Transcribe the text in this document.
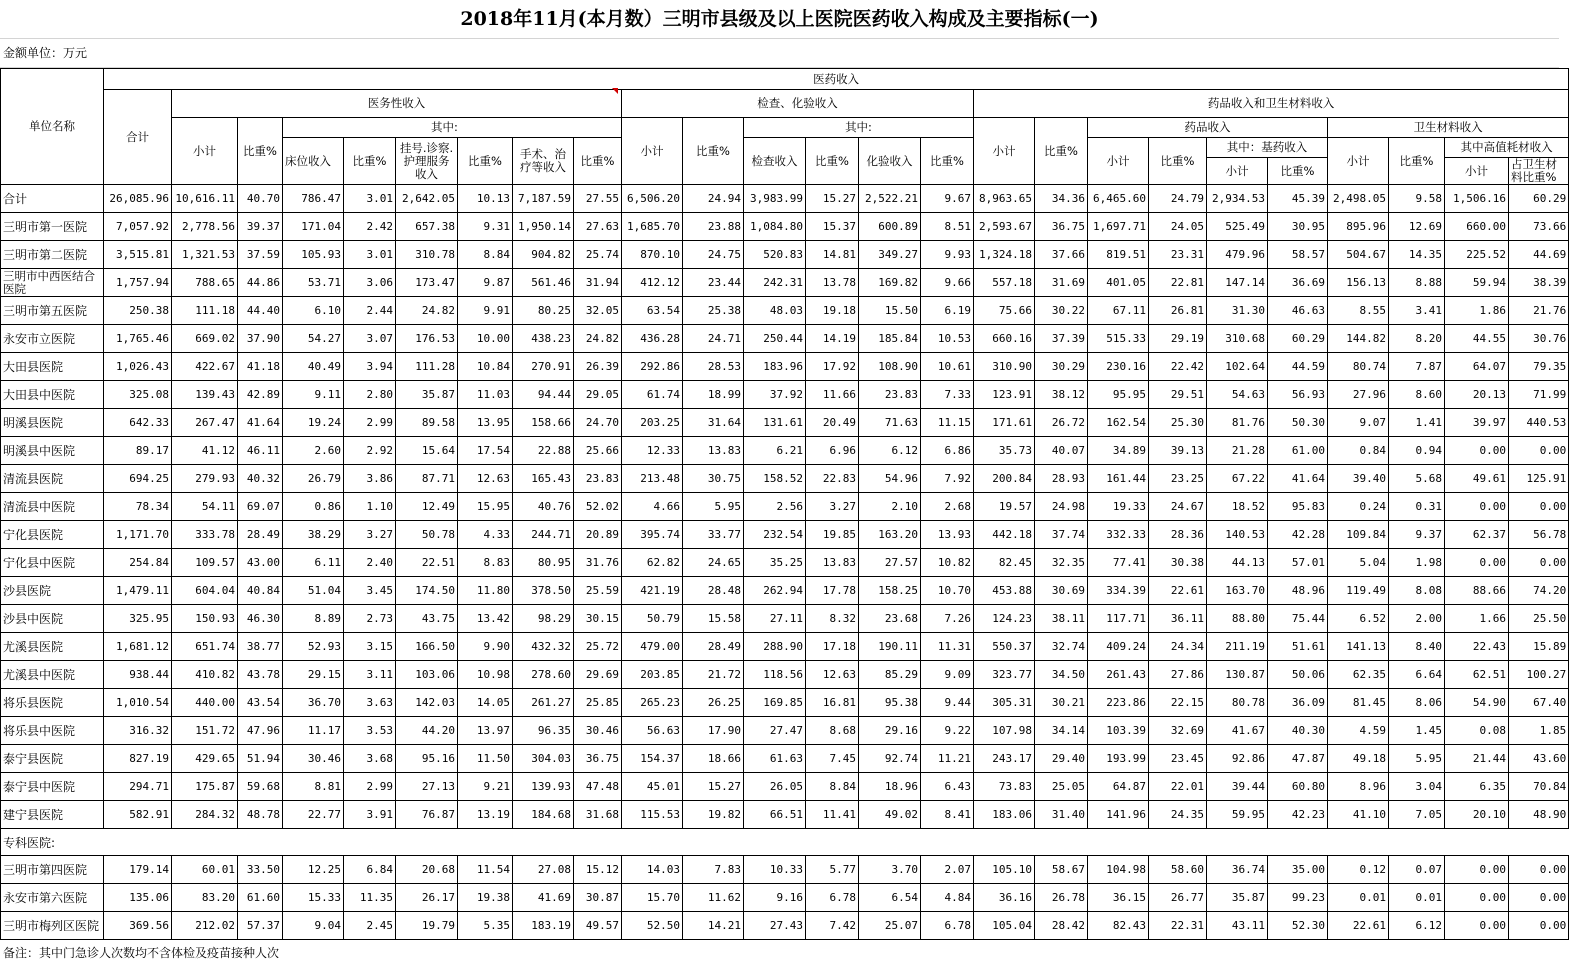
2018年11月(本月数）三明市县级及以上医院医药收入构成及主要指标(一)
金额单位：万元
单位名称	医药收入																								
	合计	医务性收入								检查、化验收入						药品收入和卫生材料收入									
		小计	比重%	其中:						小计	比重%	其中:				小计	比重%	药品收入				卫生材料收入			
				床位收入	比重%	挂号.诊察.护理服务收入	比重%	手术、治疗等收入	比重%			检查收入	比重%	化验收入	比重%			小计	比重%	其中：基药收入		小计	比重%	其中高值耗材收入	
																				小计	比重%			小计	占卫生材料比重%
合计	26,085.96	10,616.11	40.70	786.47	3.01	2,642.05	10.13	7,187.59	27.55	6,506.20	24.94	3,983.99	15.27	2,522.21	9.67	8,963.65	34.36	6,465.60	24.79	2,934.53	45.39	2,498.05	9.58	1,506.16	60.29
三明市第一医院	7,057.92	2,778.56	39.37	171.04	2.42	657.38	9.31	1,950.14	27.63	1,685.70	23.88	1,084.80	15.37	600.89	8.51	2,593.67	36.75	1,697.71	24.05	525.49	30.95	895.96	12.69	660.00	73.66
三明市第二医院	3,515.81	1,321.53	37.59	105.93	3.01	310.78	8.84	904.82	25.74	870.10	24.75	520.83	14.81	349.27	9.93	1,324.18	37.66	819.51	23.31	479.96	58.57	504.67	14.35	225.52	44.69
三明市中西医结合医院	1,757.94	788.65	44.86	53.71	3.06	173.47	9.87	561.46	31.94	412.12	23.44	242.31	13.78	169.82	9.66	557.18	31.69	401.05	22.81	147.14	36.69	156.13	8.88	59.94	38.39
三明市第五医院	250.38	111.18	44.40	6.10	2.44	24.82	9.91	80.25	32.05	63.54	25.38	48.03	19.18	15.50	6.19	75.66	30.22	67.11	26.81	31.30	46.63	8.55	3.41	1.86	21.76
永安市立医院	1,765.46	669.02	37.90	54.27	3.07	176.53	10.00	438.23	24.82	436.28	24.71	250.44	14.19	185.84	10.53	660.16	37.39	515.33	29.19	310.68	60.29	144.82	8.20	44.55	30.76
大田县医院	1,026.43	422.67	41.18	40.49	3.94	111.28	10.84	270.91	26.39	292.86	28.53	183.96	17.92	108.90	10.61	310.90	30.29	230.16	22.42	102.64	44.59	80.74	7.87	64.07	79.35
大田县中医院	325.08	139.43	42.89	9.11	2.80	35.87	11.03	94.44	29.05	61.74	18.99	37.92	11.66	23.83	7.33	123.91	38.12	95.95	29.51	54.63	56.93	27.96	8.60	20.13	71.99
明溪县医院	642.33	267.47	41.64	19.24	2.99	89.58	13.95	158.66	24.70	203.25	31.64	131.61	20.49	71.63	11.15	171.61	26.72	162.54	25.30	81.76	50.30	9.07	1.41	39.97	440.53
明溪县中医院	89.17	41.12	46.11	2.60	2.92	15.64	17.54	22.88	25.66	12.33	13.83	6.21	6.96	6.12	6.86	35.73	40.07	34.89	39.13	21.28	61.00	0.84	0.94	0.00	0.00
清流县医院	694.25	279.93	40.32	26.79	3.86	87.71	12.63	165.43	23.83	213.48	30.75	158.52	22.83	54.96	7.92	200.84	28.93	161.44	23.25	67.22	41.64	39.40	5.68	49.61	125.91
清流县中医院	78.34	54.11	69.07	0.86	1.10	12.49	15.95	40.76	52.02	4.66	5.95	2.56	3.27	2.10	2.68	19.57	24.98	19.33	24.67	18.52	95.83	0.24	0.31	0.00	0.00
宁化县医院	1,171.70	333.78	28.49	38.29	3.27	50.78	4.33	244.71	20.89	395.74	33.77	232.54	19.85	163.20	13.93	442.18	37.74	332.33	28.36	140.53	42.28	109.84	9.37	62.37	56.78
宁化县中医院	254.84	109.57	43.00	6.11	2.40	22.51	8.83	80.95	31.76	62.82	24.65	35.25	13.83	27.57	10.82	82.45	32.35	77.41	30.38	44.13	57.01	5.04	1.98	0.00	0.00
沙县医院	1,479.11	604.04	40.84	51.04	3.45	174.50	11.80	378.50	25.59	421.19	28.48	262.94	17.78	158.25	10.70	453.88	30.69	334.39	22.61	163.70	48.96	119.49	8.08	88.66	74.20
沙县中医院	325.95	150.93	46.30	8.89	2.73	43.75	13.42	98.29	30.15	50.79	15.58	27.11	8.32	23.68	7.26	124.23	38.11	117.71	36.11	88.80	75.44	6.52	2.00	1.66	25.50
尤溪县医院	1,681.12	651.74	38.77	52.93	3.15	166.50	9.90	432.32	25.72	479.00	28.49	288.90	17.18	190.11	11.31	550.37	32.74	409.24	24.34	211.19	51.61	141.13	8.40	22.43	15.89
尤溪县中医院	938.44	410.82	43.78	29.15	3.11	103.06	10.98	278.60	29.69	203.85	21.72	118.56	12.63	85.29	9.09	323.77	34.50	261.43	27.86	130.87	50.06	62.35	6.64	62.51	100.27
将乐县医院	1,010.54	440.00	43.54	36.70	3.63	142.03	14.05	261.27	25.85	265.23	26.25	169.85	16.81	95.38	9.44	305.31	30.21	223.86	22.15	80.78	36.09	81.45	8.06	54.90	67.40
将乐县中医院	316.32	151.72	47.96	11.17	3.53	44.20	13.97	96.35	30.46	56.63	17.90	27.47	8.68	29.16	9.22	107.98	34.14	103.39	32.69	41.67	40.30	4.59	1.45	0.08	1.85
泰宁县医院	827.19	429.65	51.94	30.46	3.68	95.16	11.50	304.03	36.75	154.37	18.66	61.63	7.45	92.74	11.21	243.17	29.40	193.99	23.45	92.86	47.87	49.18	5.95	21.44	43.60
泰宁县中医院	294.71	175.87	59.68	8.81	2.99	27.13	9.21	139.93	47.48	45.01	15.27	26.05	8.84	18.96	6.43	73.83	25.05	64.87	22.01	39.44	60.80	8.96	3.04	6.35	70.84
建宁县医院	582.91	284.32	48.78	22.77	3.91	76.87	13.19	184.68	31.68	115.53	19.82	66.51	11.41	49.02	8.41	183.06	31.40	141.96	24.35	59.95	42.23	41.10	7.05	20.10	48.90
专科医院:																									
三明市第四医院	179.14	60.01	33.50	12.25	6.84	20.68	11.54	27.08	15.12	14.03	7.83	10.33	5.77	3.70	2.07	105.10	58.67	104.98	58.60	36.74	35.00	0.12	0.07	0.00	0.00
永安市第六医院	135.06	83.20	61.60	15.33	11.35	26.17	19.38	41.69	30.87	15.70	11.62	9.16	6.78	6.54	4.84	36.16	26.78	36.15	26.77	35.87	99.23	0.01	0.01	0.00	0.00
三明市梅列区医院	369.56	212.02	57.37	9.04	2.45	19.79	5.35	183.19	49.57	52.50	14.21	27.43	7.42	25.07	6.78	105.04	28.42	82.43	22.31	43.11	52.30	22.61	6.12	0.00	0.00
备注：其中门急诊人次数均不含体检及疫苗接种人次
